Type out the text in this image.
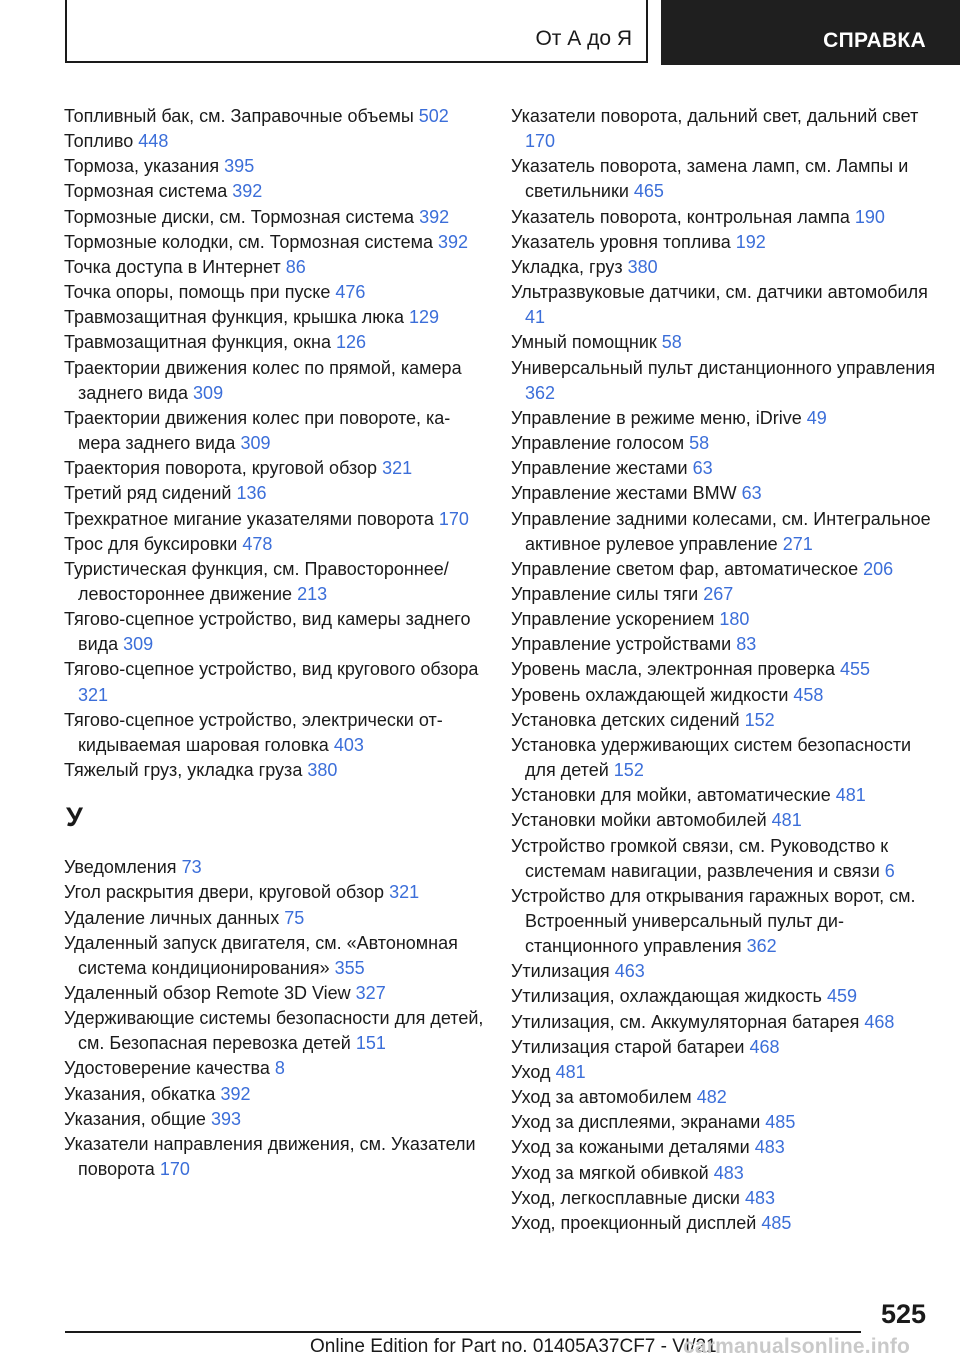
От А до Я	СПРАВКА

Топливный бак, см. Заправочные объемы 502

Топливо 448

Тормоза, указания 395

Тормозная система 392

Тормозные диски, см. Тормозная система 392

Тормозные колодки, см. Тормозная система 392

Точка доступа в Интернет 86

Точка опоры, помощь при пуске 476

Травмозащитная функция, крышка люка 129

Травмозащитная функция, окна 126

Траектории движения колес по прямой, камера заднего вида 309

Траектории движения колес при повороте, камера заднего вида 309

Траектория поворота, круговой обзор 321

Третий ряд сидений 136

Трехкратное мигание указателями поворота 170

Трос для буксировки 478

Туристическая функция, см. Правостороннее/ левостороннее движение 213

Тягово-сцепное устройство, вид камеры заднего вида 309

Тягово-сцепное устройство, вид кругового обзора 321

Тягово-сцепное устройство, электрически откидываемая шаровая головка 403

Тяжелый груз, укладка груза 380

У

Уведомления 73

Угол раскрытия двери, круговой обзор 321

Удаление личных данных 75

Удаленный запуск двигателя, см. «Автономная система кондиционирования» 355

Удаленный обзор Remote 3D View 327

Удерживающие системы безопасности для детей, см. Безопасная перевозка детей 151

Удостоверение качества 8

Указания, обкатка 392

Указания, общие 393

Указатели направления движения, см. Указатели поворота 170

Указатели поворота, дальний свет, дальний свет 170

Указатель поворота, замена ламп, см. Лампы и светильники 465

Указатель поворота, контрольная лампа 190

Указатель уровня топлива 192

Укладка, груз 380

Ультразвуковые датчики, см. датчики автомобиля 41

Умный помощник 58

Универсальный пульт дистанционного управления 362

Управление в режиме меню, iDrive 49

Управление голосом 58

Управление жестами 63

Управление жестами BMW 63

Управление задними колесами, см. Интегральное активное рулевое управление 271

Управление светом фар, автоматическое 206

Управление силы тяги 267

Управление ускорением 180

Управление устройствами 83

Уровень масла, электронная проверка 455

Уровень охлаждающей жидкости 458

Установка детских сидений 152

Установка удерживающих систем безопасности для детей 152

Установки для мойки, автоматические 481

Установки мойки автомобилей 481

Устройство громкой связи, см. Руководство к системам навигации, развлечения и связи 6

Устройство для открывания гаражных ворот, см. Встроенный универсальный пульт дистанционного управления 362

Утилизация 463

Утилизация, охлаждающая жидкость 459

Утилизация, см. Аккумуляторная батарея 468

Утилизация старой батареи 468

Уход 481

Уход за автомобилем 482

Уход за дисплеями, экранами 485

Уход за кожаными деталями 483

Уход за мягкой обивкой 483

Уход, легкосплавные диски 483

Уход, проекционный дисплей 485

525
Online Edition for Part no. 01405A37CF7 - VI/21
carmanualsonline.info
